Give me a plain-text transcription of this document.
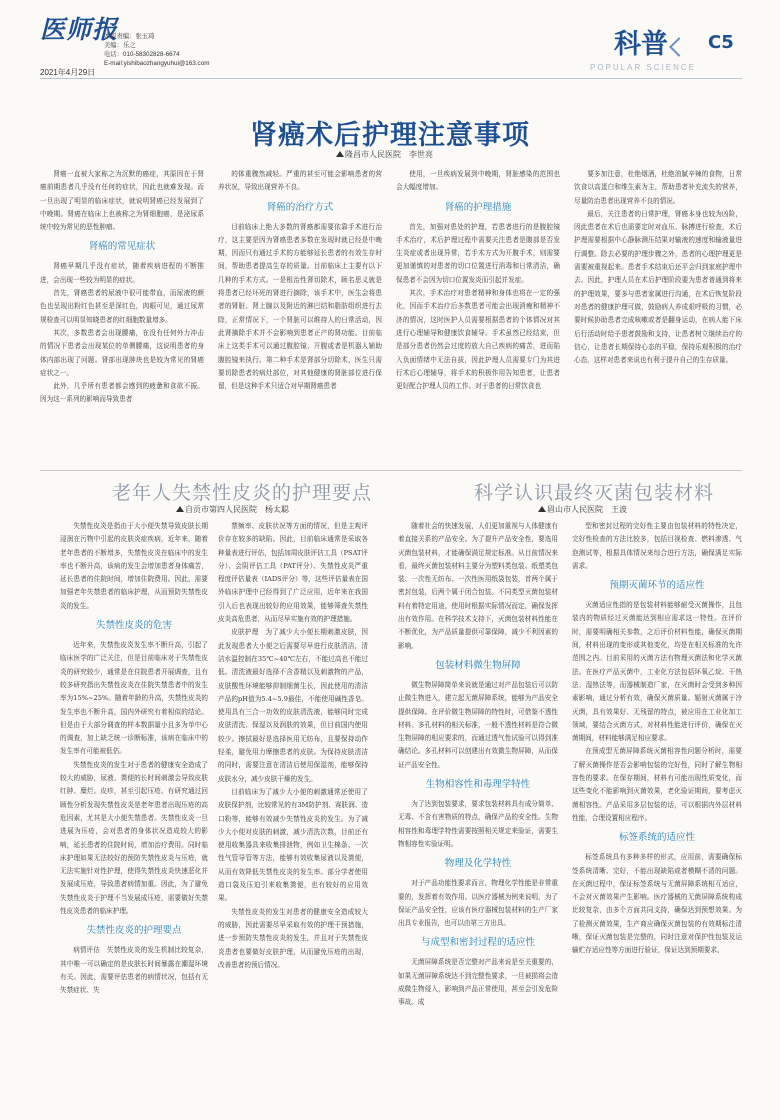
医师报
2021年4月29日
本版责编：张玉琦
美编：乐之
电话：010-58302828-6674
E-mail:yishibaozhangyuhui@163.com
科普 C5
POPULAR SCIENCE
肾癌术后护理注意事项
隆昌市人民医院　李世亮

肾癌一直被大家称之为沉默的癌症，其原因在于肾癌前期患者几乎没有任何的症状，因此也就难发现。而一旦出现了明显的临床症状，就说明肾癌已经发展到了中晚期。肾癌在临床上也被称之为肾细胞癌，是泌尿系统中较为常见的恶性肿瘤。

肾癌的常见症状

肾癌早期几乎没有症状，随着疾病进程的不断推进，会出现一些较为明显的症状。

首先，肾癌患者的尿液中很可能带血，而尿液的颜色也呈现出粉红色甚至是深红色，肉眼可见，通过尿常规检查可以明显知晓患者的红细胞数量增多。

其次，多数患者会出现腰痛，在没有任何外力冲击的情况下患者会出现某位的单侧腰痛，这说明患者的身体内部出现了问题。肾部出现肿块也是较为常见的肾癌症状之一。

此外，几乎所有患者都会感到的疲惫和食欲不振。因为这一系列的影响而导致患者

的体重骤然减轻。严重的甚至可能会影响患者的营养状况，导致出现营养不良。

肾癌的治疗方式

目前临床上绝大多数的肾癌都需要依靠手术进行治疗，这主要是因为肾癌患者多数在发现时就已经是中晚期，因而只有通过手术的方能够延长患者的有效生存时间，帮助患者提高生存的质量。目前临床上主要有以下几种的手术方式。一是根治性肾切除术，顾名思义就是将患者已经坏死的肾进行摘除，该手术中，医生会将患者的肾脏、肾上腺以及附近的淋巴结和脂肪组织进行去除，正常情况下，一个肾脏可以维持人的日常活动，因此肾摘除手术并不会影响到患者正产的肾功能。目前临床上这类手术可以通过腹腔镜、开腹或者是机器人辅助腹腔镜来执行。第二种手术是肾部分切除术，医生只需要切除患者的病灶部位，对其他健康的肾脏部位进行保留，但是这种手术只适合对早期肾癌患者

使用，一旦疾病发展到中晚期，肾脏感染的范围也会大幅度增加。

肾癌的护理措施

首先，加强对患处的护理，若患者进行的是腹腔镜手术治疗，术后护理过程中需要关注患者是腹部是否发生炎症或者出现异常，若手术方式为开腹手术，则需要更加谨慎的对患者的切口位置进行消毒和日常清洁，确保患者不会因为切口位置发炎而引起并发症。

其次，手术治疗对患者精神和身体也将在一定的强化，因而手术治疗后多数患者可能会出现消瘦和精神不济的情况，这时医护人员需要根据患者的个体情况对其进行心理辅导和健康饮食辅导。手术虽然已经结束，但是部分患者仍然会过度的放大自己疾病的痛苦，进而陷入负面情绪中无法自拔，因此护理人员需要专门为其进行术后心理辅导，将手术的积极作用告知患者，让患者更好配合护理人员的工作。对于患者的日常饮食也

要多加注意，杜绝烟酒，杜绝油腻辛辣的食物，日常饮食以高蛋白和维生素为主，帮助患者补充流失的营养，尽量防治患者出现营养不良的情况。

最后，关注患者的日常护理，肾癌本身也较为凶险，因此患者在术后也需要定时对血压、脉搏进行检查，术后护理需要根据中心静脉测压结果对输液的速度和输液量进行调整。除去必要的护理步骤之外，患者的心理护理更是需要被重视起来。患者手术结束后还平会归到家庭护理中去。因此，护理人员在术后护理阶段要为患者普通到将来的护理效果，要多与患者家属进行沟通，在术后恢复阶段对患者的健康护理可做，鼓励病人养成艰呼吸的习惯，必要时候协助患者完成咳嗽或者是翻身运动，在病人能下床后行活动时给予患者鼓励和支持，让患者树立继续治疗的信心，让患者长期保持心态的平稳，保持乐观积极的治疗心态，这样对患者来说也有利于提升自己的生存质量。

老年人失禁性皮炎的护理要点
自贡市第四人民医院　杨太聪

失禁性皮炎是指由于大小便失禁导致皮肤长期浸润在污物中引起的皮肤炎症疾病，近年来，随着老年患者的不断增多，失禁性皮炎在临床中的发生率也不断升高，该病的发生会增加患者身体痛苦，延长患者的住院时间，增加住院费用。因此，需要加强老年失禁患者的临床护理，从而预防失禁性皮炎的发生。

失禁性皮炎的危害

近年来，失禁性皮炎发生率不断升高，引起了临床医学的广泛关注，但是目前临床对于失禁性皮炎的研究较少，通常是在住院患者开展调查，且有较多研究指出失禁性皮炎在住院失禁患者中的发生率为15%~25%。随着年龄的升高，失禁性皮炎的发生率也不断升高，国内外研究有着相似的结论。但是由于大部分调查的样本数据量小且多为单中心的调查，加上缺乏统一诊断标准，该病在临床中的发生率有可能被低估。

失禁性皮炎的发生对于患者的健康安全造成了较大的威胁，尿液、粪便的长时间刺激会导致皮肤红肿、糜烂、皮疹，甚至引起压疮。有研究通过回顾性分析发现失禁性皮炎是老年患者出现压疮的高危因素，尤其是大小便失禁患者。失禁性皮炎一旦进展为压疮，会对患者的身体状况造成较大的影响，延长患者的住院时间，增加治疗费用。同时临床护理如果无法较好的预防失禁性皮炎与压疮，就无法实施针对性护理，使得失禁性皮炎快速恶化并发展成压疮，导致患者病情加重。因此，为了避免失禁性皮炎于护理不当发展成压疮，需要做好失禁性皮炎患者的临床护理。

失禁性皮炎的护理要点

病情评估　失禁性皮炎的发生机制比较复杂，其中唯一可以确定的是皮肤长时间暴露在潮湿环境有关。因此，需要评估患者的病情状况，包括有无失禁症状、失

禁频率、皮肤状况等方面的情况，但是主观评价存在较多的缺陷。因此，目前临床通常是采取各种量表进行评估，包括加周皮肤评估工具（PSAT评分）、会阴评估工具（PAT评分）、失禁性皮炎严重程度评估量表（IADS评分）等，这些评估量表在国外临床护理中已经得到了广泛应用，近年来在我国引入后也表现出较好的应用效果，能够筛查失禁性皮炎高危患者，从而尽早实施有效的护理措施。

皮肤护理　为了减少大小便长期刺激皮肤，因此发现患者大小便之后需要尽早进行皮肤清洁，清洁水温控制在35℃~40℃左右，不能过高也不能过低。清洗液最好选择不含香精以及刺激物的产品，皮肤酸性环境能够抑制细菌生长，因此使用的清洁产品的pH值为5.4~5.9最佳，不能使用碱性香皂。使用具有三合一功效的皮肤清洗液，能够同时完成皮肤清洗、保湿以及润肤的效果，但目前国内使用较少。擦拭最好是选择医用无纺布，且要保持动作轻柔，避免用力摩擦患者的皮肤。为保持皮肤清洁的同时，需要注意在清洁后使用保湿剂，能够保持皮肤水分，减少皮肤干燥的发生。

目前临床为了减少大小便的刺激通常还使用了皮肤保护剂，比较常见的有3M防护剂、赛肤润、造口粉等，能够有效减少失禁性皮炎的发生。为了减少大小便对皮肤的刺激，减少清洗次数，目前还有使用收集器具来收集排泄物，例如卫生棉条、一次性气管导管等方法，能够有效收集尿液以及粪便，从而有效降低失禁性皮炎的发生率。部分学者使用造口袋及压迫引来收集粪便，也有较好的应用效果。

失禁性皮炎的发生对患者的健康安全造成较大的威胁，因此需要尽早采取有效的护理干预措施，进一步预防失禁性皮炎的发生，并且对于失禁性皮炎患者也要做好皮肤护理，从而避免压疮的出现，改善患者的预后情况。

科学认识最终灭菌包装材料
眉山市人民医院　王波

随着社会的快速发展，人们更加重视与人体健康有着直接关系的产品安全。为了提升产品安全性，要选用灭菌包装材料，才能确保满足规定标准。从目前情况来看，最终灭菌包装材料主要分为塑料类包装、纸塑类包装、一次性无纺布、一次性医用纸袋包装，首两个属于密封包装，后两个属于闭合包装。不同类型灭菌包装材料有着特定用途，使用时根据实际情况而定，确保发挥出有效作用。在科学技术支持下，灭菌包装材料性能在不断优化，为产品质量提供可靠保障，减少不利因素的影响。

包装材料微生物屏障

微生物屏障简单来说就是通过对产品包装后可以防止微生物进入，建立起无菌屏障系统，能够为产品安全提供保障。在评价微生物屏障的特性时，可借鉴不透性材料、多孔材料的相关标准，一般不透性材料是符合微生物屏障的相应要求的，而通过透气性试验可以得到准确结论。多孔材料可以创建出有效微生物屏障，从而保证产品安全性。

生物相容性和毒理学特性

为了达到包装要求，要求包装材料具有成分简单、无毒、不含有害物质的特点，确保产品的安全性。生物相容性和毒理学特性需要按照相关规定来验证，需要生物相容性实验证明。

物理及化学特性

对于产品功能性要求而言，物理化学性能是非常重要的，发挥着有效作用。以医疗器械为例来说明，为了保证产品安全性，应该有医疗器械包装材料的生产厂家出具专业报告，也可以由第三方出具。

与成型和密封过程的适应性

无菌屏障系统是否完整对产品来说是至关重要的，如果无菌屏障系统达不到完整性要求，一旦被损将会造成微生物侵入，影响到产品正常使用，甚至会引发危险事故。成

型和密封过程的完好性主要由包装材料的特性决定，完好性检查的方法比较多，包括目视检查、燃料渗透、气泡测试等，根据具体情况来综合进行方法，确保满足实际需求。

预期灭菌环节的适应性

灭菌适应性指的是包装材料能够耐受灭菌操作，且包装内的物质经过灭菌能达到相应需求这一特性。在评价时，需要明确相关参数，之后评价材料性能，确保灭菌期间，材料出现的变形或其他变化，均是在相关标准的允许范围之内。目前采用的灭菌方法有物理灭菌法和化学灭菌法。在医疗产品灭菌中，工业化方法包括环氧乙烷、干热法、湿热法等，而器械制造厂家，在灭菌时会受到多种因素影响，通过分析有效，确保灭菌质量。辐射灭菌属于冷灭菌，具有效果好、无残留的特点，被应用在工业化加工领域，要结合灭菌方式，对材料性能进行评价，确保在灭菌期间，材料能够满足相应要求。

在预成型无菌屏障系统灭菌相容性问题分析时，需要了解灭菌操作是否会影响包装的完好性，同时了解生物相容性的要求。在保存期间，材料有可能出现性质变化，而这些变化不能影响到灭菌效果，老化验证期间，要考虑灭菌相容性。产品采用多层包装的话，可以根据内外层材料性能，合理设置相应程序。

标签系统的适应性

标签系统具有多种多样的形式，应用前，需要确保标签系统清晰、完好，不能出现缺陷或者模糊不清的问题。在灭菌过程中，保证标签系统与无菌屏障系统相互适应，不会对灭菌效果产生影响。医疗器械的无菌屏障系统构成比较复杂，由多个方面共同支持，确保达到预想效果。为了检测灭菌效果，生产商应确保灭菌包装的有效期标注清晰，保证灭菌包装是完整的，同时注意对保护性包装及运输贮存适应性等方面进行验证，保证达到预期要求。
